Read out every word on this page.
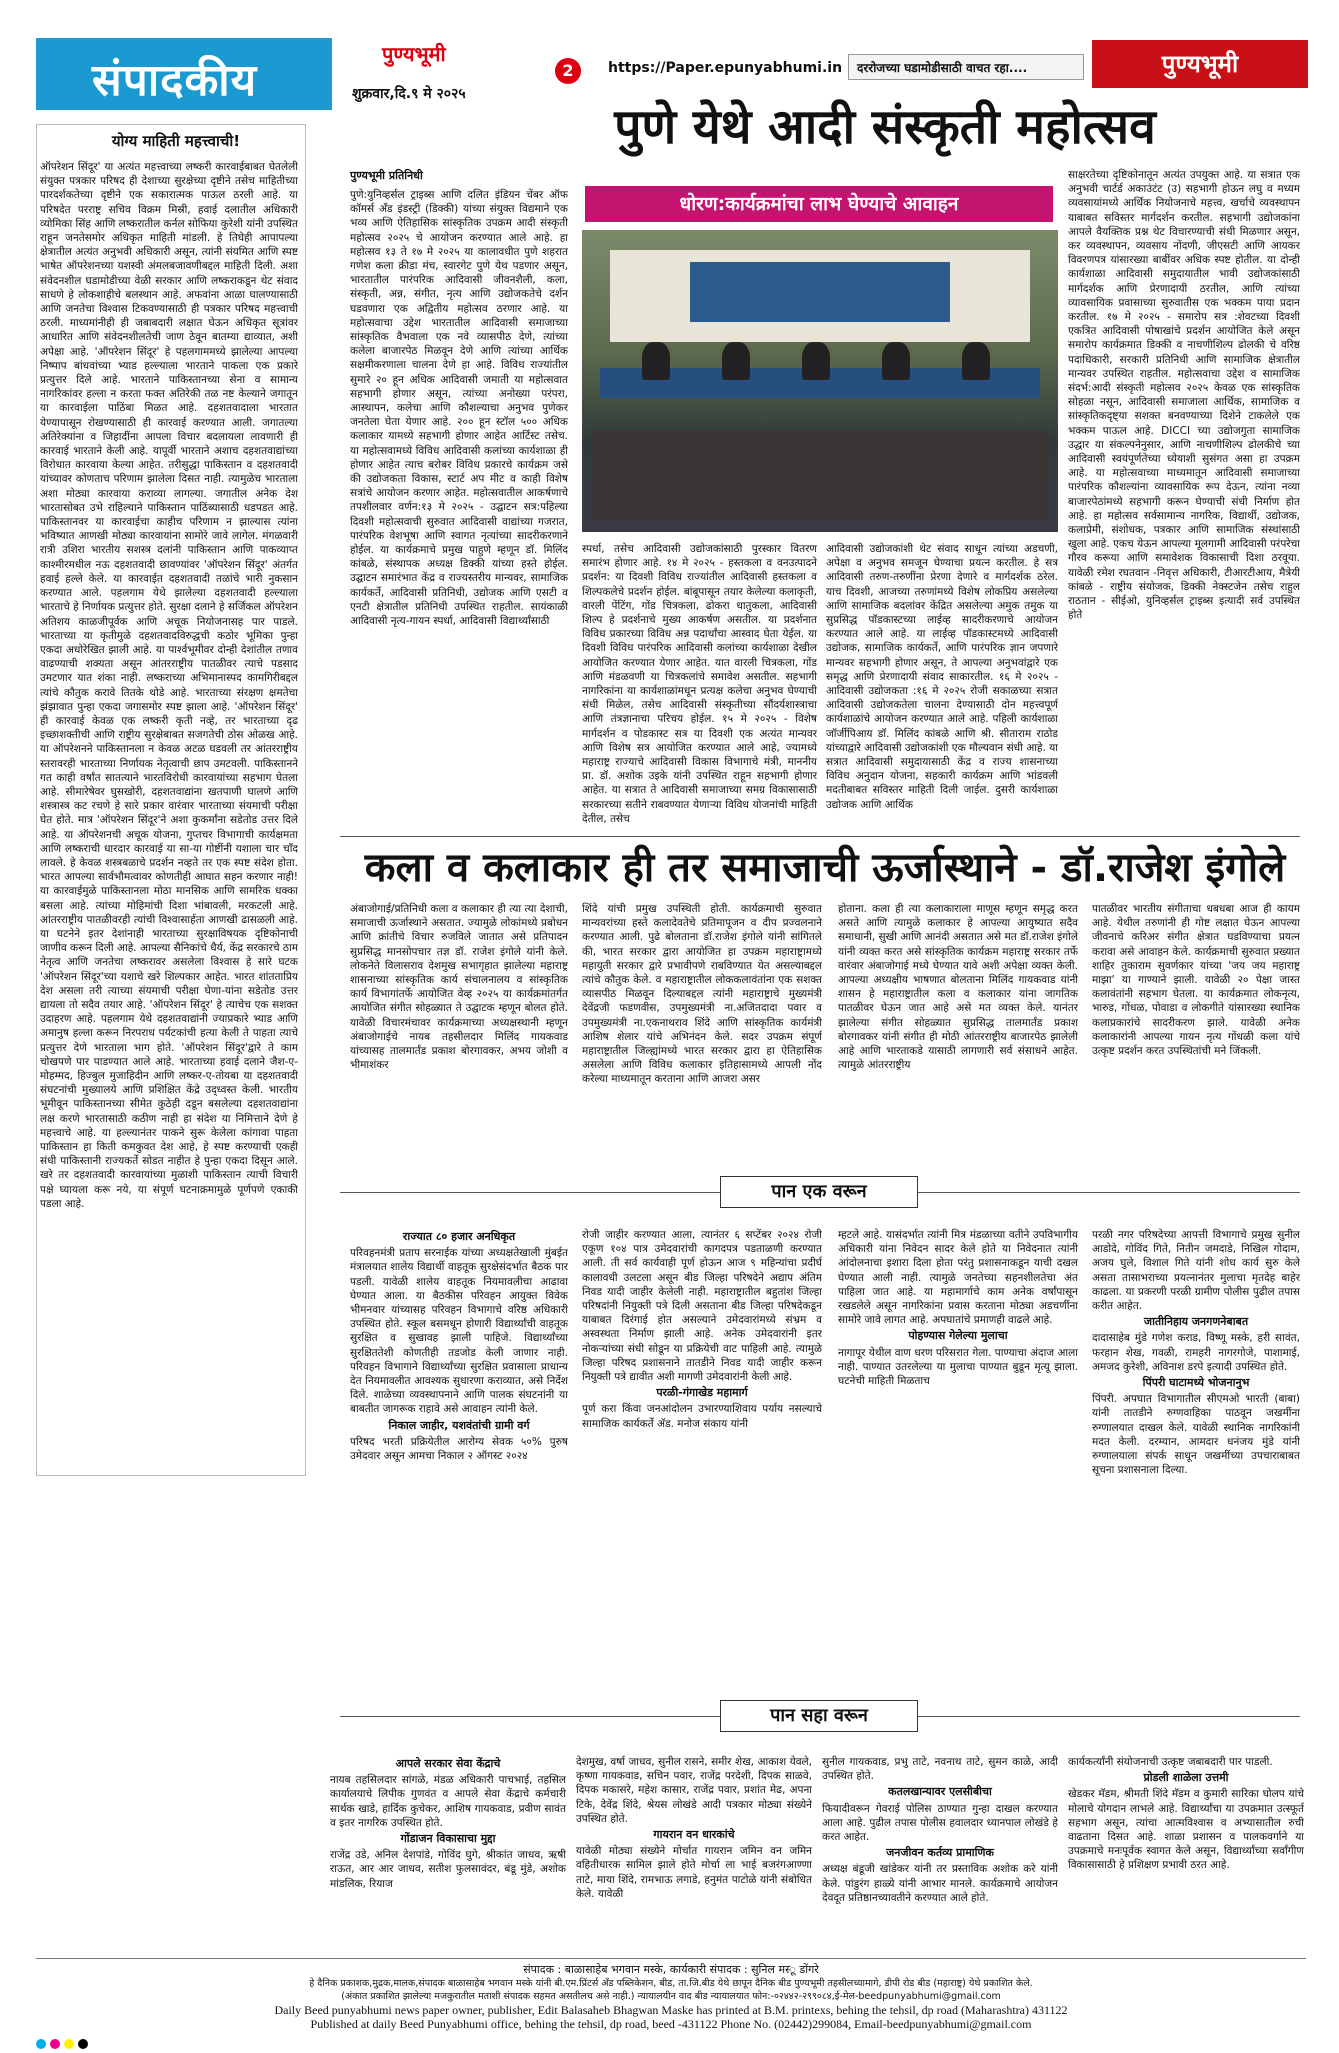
संपादकीय
पुण्यभूमी
शुक्रवार,दि.९ मे २०२५
2	https://Paper.epunyabhumi.in	दररोजच्या घडामोडीसाठी वाचत रहा....	पुण्यभूमी
योग्य माहिती महत्त्वाची!
ऑपरेशन सिंदूर' या अत्यंत महत्त्वाच्या लष्करी कारवाईबाबत घेतलेली संयुक्त पत्रकार परिषद ही देशाच्या सुरक्षेच्या दृष्टीने तसेच माहितीच्या पारदर्शकतेच्या दृष्टीने एक सकारात्मक पाऊल ठरली आहे. या परिषदेत परराष्ट्र सचिव विक्रम मिस्री, हवाई दलातील अधिकारी व्योमिका सिंह आणि लष्करातील कर्नल सोफिया कुरेशी यांनी उपस्थित राहून जनतेसमोर अधिकृत माहिती मांडली. हे तिघेही आपापल्या क्षेत्रातील अत्यंत अनुभवी अधिकारी असून, त्यांनी संयमित आणि स्पष्ट भाषेत ऑपरेशनच्या यशस्वी अंमलबजावणीबद्दल माहिती दिली. अशा संवेदनशील घडामोडीच्या वेळी सरकार आणि लष्कराकडून थेट संवाद साधणे हे लोकशाहीचे बलस्थान आहे. अफवांना आळा घालण्यासाठी आणि जनतेचा विश्वास टिकवण्यासाठी ही पत्रकार परिषद महत्त्वाची ठरली. माध्यमांनीही ही जबाबदारी लक्षात घेऊन अधिकृत सूत्रांवर आधारित आणि संवेदनशीलतेची जाण ठेवून बातम्या द्याव्यात, अशी अपेक्षा आहे. 'ऑपरेशन सिंदूर' हे पहलगाममध्ये झालेल्या आपल्या निष्पाप बांधवांच्या भ्याड हल्ल्याला भारताने पाकला एक प्रकारे प्रत्युत्तर दिले आहे. भारताने पाकिस्तानच्या सेना व सामान्य नागरिकांवर हल्ला न करता फक्त अतिरेकी तळ नष्ट केल्याने जगातून या कारवाईला पाठिंबा मिळत आहे. दहशतवादाला भारतात येण्यापासून रोखण्यासाठी ही कारवाई करण्यात आली. जगातल्या अतिरेक्यांना व जिहादींना आपला विचार बदलायला लावणारी ही कारवाई भारताने केली आहे. यापूर्वी भारताने अशाच दहशतवाद्यांच्या विरोधात कारवाया केल्या आहेत. तरीसुद्धा पाकिस्तान व दहशतवादी यांच्यावर कोणताच परिणाम झालेला दिसत नाही. त्यामुळेच भारताला अशा मोठ्या कारवाया कराव्या लागल्या. जगातील अनेक देश भारतासोबत उभे राहिल्याने पाकिस्तान पाठिंब्यासाठी धडपडत आहे. पाकिस्तानवर या कारवाईचा काहीच परिणाम न झाल्यास त्यांना भविष्यात आणखी मोठ्या कारवायांना सामोरे जावे लागेल. मंगळवारी रात्री उशिरा भारतीय सशस्त्र दलांनी पाकिस्तान आणि पाकव्याप्त काश्मीरमधील नऊ दहशतवादी छावण्यांवर 'ऑपरेशन सिंदूर' अंतर्गत हवाई हल्ले केले. या कारवाईत दहशतवादी तळांचे भारी नुकसान करण्यात आले. पहलगाम येथे झालेल्या दहशतवादी हल्ल्याला भारताचे हे निर्णायक प्रत्युत्तर होते. सुरक्षा दलाने हे सर्जिकल ऑपरेशन अतिशय काळजीपूर्वक आणि अचूक नियोजनासह पार पाडले. भारताच्या या कृतीमुळे दहशतवादविरुद्धची कठोर भूमिका पुन्हा एकदा अधोरेखित झाली आहे. या पार्श्वभूमीवर दोन्ही देशांतील तणाव वाढण्याची शक्यता असून आंतरराष्ट्रीय पातळीवर त्याचे पडसाद उमटणार यात शंका नाही. लष्कराच्या अभिमानास्पद कामगिरीबद्दल त्यांचे कौतुक करावे तितके थोडे आहे. भारताच्या संरक्षण क्षमतेचा झंझावात पुन्हा एकदा जगासमोर स्पष्ट झाला आहे. 'ऑपरेशन सिंदूर' ही कारवाई केवळ एक लष्करी कृती नव्हे, तर भारताच्या दृढ इच्छाशक्तीची आणि राष्ट्रीय सुरक्षेबाबत सजगतेची ठोस ओळख आहे. या ऑपरेशनने पाकिस्तानला न केवळ अटळ घडवली तर आंतरराष्ट्रीय स्तरावरही भारताच्या निर्णायक नेतृत्वाची छाप उमटवली. पाकिस्तानने गत काही वर्षांत सातत्याने भारतविरोधी कारवायांच्या सहभाग घेतला आहे. सीमारेषेवर घुसखोरी, दहशतवाद्यांना खतपाणी घालणे आणि शस्त्रास्त्र कट रचणे हे सारे प्रकार वारंवार भारताच्या संयमाची परीक्षा घेत होते. मात्र 'ऑपरेशन सिंदूर'ने अशा कुकर्मांना सडेतोड उत्तर दिले आहे. या ऑपरेशनची अचूक योजना, गुप्तचर विभागाची कार्यक्षमता आणि लष्कराची धारदार कारवाई या सा-या गोष्टींनी यशाला चार चाँद लावले. हे केवळ शस्त्रबळाचे प्रदर्शन नव्हते तर एक स्पष्ट संदेश होता. भारत आपल्या सार्वभौमत्वावर कोणतीही आघात सहन करणार नाही! या कारवाईमुळे पाकिस्तानला मोठा मानसिक आणि सामरिक धक्का बसला आहे. त्यांच्या मोहिमांची दिशा भांबावली, मरकटली आहे. आंतरराष्ट्रीय पातळीवरही त्यांची विश्वासार्हता आणखी ढासळली आहे. या घटनेने इतर देशांनाही भारताच्या सुरक्षाविषयक दृष्टिकोनाची जाणीव करून दिली आहे. आपल्या सैनिकांचे धैर्य, केंद्र सरकारचे ठाम नेतृत्व आणि जनतेचा लष्करावर असलेला विश्वास हे सारे घटक 'ऑपरेशन सिंदूर'च्या यशाचे खरे शिल्पकार आहेत. भारत शांतताप्रिय देश असला तरी त्याच्या संयमाची परीक्षा घेणा-यांना सडेतोड उत्तर द्यायला तो सदैव तयार आहे. 'ऑपरेशन सिंदूर' हे त्याचेच एक सशक्त उदाहरण आहे. पहलगाम येथे दहशतवाद्यांनी ज्याप्रकारे भ्याड आणि अमानुष हल्ला करून निरपराध पर्यटकांची हत्या केली ते पाहता त्याचे प्रत्युत्तर देणे भारताला भाग होते. 'ऑपरेशन सिंदूर'द्वारे ते काम चोखपणे पार पाडण्यात आले आहे. भारताच्या हवाई दलाने जैश-ए-मोहम्मद, हिज्बुल मुजाहिदीन आणि लष्कर-ए-तोयबा या दहशतवादी संघटनांची मुख्यालये आणि प्रशिक्षित केंद्रे उद्ध्वस्त केली. भारतीय भूमीवून पाकिस्तानच्या सीमेत कुठेही दडून बसलेल्या दहशतवाद्यांना लक्ष करणे भारतासाठी कठीण नाही हा संदेश या निमित्ताने देणे हे महत्त्वाचे आहे. या हल्ल्यानंतर पाकने सुरू केलेला कांगावा पाहता पाकिस्तान हा किती कमकुवत देश आहे, हे स्पष्ट करण्याची एकही संधी पाकिस्तानी राज्यकर्ते सोडत नाहीत हे पुन्हा एकदा दिसून आले. खरे तर दहशतवादी कारवायांच्या मुळाशी पाकिस्तान त्याची विचारी पक्षे घ्यायला करू नये, या संपूर्ण घटनाक्रमामुळे पूर्णपणे एकाकी पडला आहे.
पुणे येथे आदी संस्कृती महोत्सव
धोरण:कार्यक्रमांचा लाभ घेण्याचे आवाहन
पुण्यभूमी प्रतिनिधी
पुणे:युनिव्हर्सल ट्राइब्स आणि दलित इंडियन चेंबर ऑफ कॉमर्स अँड इंडस्ट्री (डिक्की) यांच्या संयुक्त विद्यमाने एक भव्य आणि ऐतिहासिक सांस्कृतिक उपक्रम आदी संस्कृती महोत्सव २०२५ चे आयोजन करण्यात आले आहे. हा महोत्सव १३ ते १७ मे २०२५ या कालावधीत पुणे शहरात गणेश कला क्रीडा मंच, स्वारगेट पुणे येथ पडणार असून, भारतातील पारंपरिक आदिवासी जीवनशैली, कला, संस्कृती, अन्न, संगीत, नृत्य आणि उद्योजकतेचे दर्शन घडवणारा एक अद्वितीय महोत्सव ठरणार आहे. या महोत्सवाचा उद्देश भारतातील आदिवासी समाजाच्या सांस्कृतिक वैभवाला एक नवे व्यासपीठ देणे, त्यांच्या कलेला बाजारपेठ मिळवून देणे आणि त्यांच्या आर्थिक सक्षमीकरणाला चालना देणे हा आहे. विविध राज्यांतील सुमारे २० हून अधिक आदिवासी जमाती या महोत्सवात सहभागी होणार असून, त्यांच्या अनोख्या परंपरा, आस्थापन, कलेचा आणि कौशल्याचा अनुभव पुणेकर जनतेला घेता येणार आहे. २०० हून स्टॉल ५०० अधिक कलाकार यामध्ये सहभागी होणार आहेत आर्टिस्ट तसेच. या महोत्सवामध्ये विविध आदिवासी कलांच्या कार्यशाळा ही होणार आहेत त्याच बरोबर विविध प्रकारचे कार्यक्रम जसे की उद्योजकता विकास, स्टार्ट अप मीट व काही विशेष सत्रांचे आयोजन करणार आहेत. महोत्सवातील आकर्षणाचे तपशीलवार वर्णन:१३ मे २०२५ - उद्घाटन सत्र:पहिल्या दिवशी महोत्सवाची सुरुवात आदिवासी वाद्यांच्या गजरात, पारंपरिक वेशभूषा आणि स्वागत नृत्यांच्या सादरीकरणाने होईल. या कार्यक्रमाचे प्रमुख पाहुणे म्हणून डॉ. मिलिंद कांबळे, संस्थापक अध्यक्ष डिक्की यांच्या हस्ते होईल. उद्घाटन समारंभात केंद्र व राज्यस्तरीय मान्यवर, सामाजिक कार्यकर्ते, आदिवासी प्रतिनिधी, उद्योजक आणि एसटी व एनटी क्षेत्रातील प्रतिनिधी उपस्थित राहतील. सायंकाळी आदिवासी नृत्य-गायन स्पर्धा, आदिवासी विद्यार्थ्यांसाठी
स्पर्धा, तसेच आदिवासी उद्योजकांसाठी पुरस्कार वितरण समारंभ होणार आहे. १४ मे २०२५ - हस्तकला व वनउत्पादने प्रदर्शन: या दिवशी विविध राज्यांतील आदिवासी हस्तकला व शिल्पकलेचे प्रदर्शन होईल. बांबूपासून तयार केलेल्या कलाकृती, वारली पेंटिंग, गोंड चित्रकला, ढोकरा धातुकला, आदिवासी शिल्प हे प्रदर्शनाचे मुख्य आकर्षण असतील. या प्रदर्शनात विविध प्रकारच्या विविध अन्न पदार्थांचा आस्वाद घेता येईल. या दिवशी विविध पारंपरिक आदिवासी कलांच्या कार्यशाळा देखील आयोजित करण्यात येणार आहेत. यात वारली चित्रकला, गोंड आणि मंडळवणी या चित्रकलांचे समावेश असतील. सहभागी नागरिकांना या कार्यशाळांमधून प्रत्यक्ष कलेचा अनुभव घेण्याची संधी मिळेल, तसेच आदिवासी संस्कृतीच्या सौंदर्यशास्त्राचा आणि तंत्रज्ञानाचा परिचय होईल. १५ मे २०२५ - विशेष मार्गदर्शन व पोडकास्ट सत्र या दिवशी एक अत्यंत मान्यवर आणि विशेष सत्र आयोजित करण्यात आले आहे, ज्यामध्ये महाराष्ट्र राज्याचे आदिवासी विकास विभागाचे मंत्री, माननीय प्रा. डॉ. अशोक उइके यांनी उपस्थित राहून सहभागी होणार आहेत. या सत्रात ते आदिवासी समाजाच्या समग्र विकासासाठी सरकारच्या सतीने राबवण्यात येणाऱ्या विविध योजनांची माहिती देतील, तसेच
आदिवासी उद्योजकांशी थेट संवाद साधून त्यांच्या अडचणी, अपेक्षा व अनुभव समजून घेण्याचा प्रयत्न करतील. हे सत्र आदिवासी तरुण-तरुणींना प्रेरणा देणारे व मार्गदर्शक ठरेल. याच दिवशी, आजच्या तरुणांमध्ये विशेष लोकप्रिय असलेल्या आणि सामाजिक बदलांवर केंद्रित असलेल्या अमुक तमुक या सुप्रसिद्ध पॉडकास्टच्या लाईव्ह सादरीकरणाचे आयोजन करण्यात आले आहे. या लाईव्ह पॉडकास्टमध्ये आदिवासी उद्योजक, सामाजिक कार्यकर्ते, आणि पारंपरिक ज्ञान जपणारे मान्यवर सहभागी होणार असून, ते आपल्या अनुभवांद्वारे एक समृद्ध आणि प्रेरणादायी संवाद साकारतील. १६ मे २०२५ - आदिवासी उद्योजकता :१६ मे २०२५ रोजी सकाळच्या सत्रात आदिवासी उद्योजकतेला चालना देण्यासाठी दोन महत्त्वपूर्ण कार्यशाळांचे आयोजन करण्यात आले आहे. पहिली कार्यशाळा जॉर्जीपिआय डॉ. मिलिंद कांबळे आणि श्री. सीताराम राठोड यांच्याद्वारे आदिवासी उद्योजकांशी एक मौल्यवान संधी आहे. या सत्रात आदिवासी समुदायासाठी केंद्र व राज्य शासनाच्या विविध अनुदान योजना, सहकारी कार्यक्रम आणि भांडवली मदतीबाबत सविस्तर माहिती दिली जाईल. दुसरी कार्यशाळा उद्योजक आणि आर्थिक
साक्षरतेच्या दृष्टिकोनातून अत्यंत उपयुक्त आहे. या सत्रात एक अनुभवी चार्टर्ड अकाउंटंट (उ) सहभागी होऊन लघु व मध्यम व्यवसायांमध्ये आर्थिक नियोजनाचे महत्त्व, खर्चाचे व्यवस्थापन याबाबत सविस्तर मार्गदर्शन करतील. सहभागी उद्योजकांना आपले वैयक्तिक प्रश्न थेट विचारण्याची संधी मिळणार असून, कर व्यवस्थापन, व्यवसाय नोंदणी, जीएसटी आणि आयकर विवरणपत्र यांसारख्या बाबींवर अधिक स्पष्ट होतील. या दोन्ही कार्यशाळा आदिवासी समुदायातील भावी उद्योजकांसाठी मार्गदर्शक आणि प्रेरणादायी ठरतील, आणि त्यांच्या व्यावसायिक प्रवासाच्या सुरुवातीस एक भक्कम पाया प्रदान करतील. १७ मे २०२५ - समारोप सत्र :शेवटच्या दिवशी एकत्रित आदिवासी पोषाखांचे प्रदर्शन आयोजित केले असून समारोप कार्यक्रमात डिक्की व नाचणीशिल्प ढोलकी चे वरिष्ठ पदाधिकारी, सरकारी प्रतिनिधी आणि सामाजिक क्षेत्रातील मान्यवर उपस्थित राहतील. महोत्सवाचा उद्देश व सामाजिक संदर्भ:आदी संस्कृती महोत्सव २०२५ केवळ एक सांस्कृतिक सोहळा नसून, आदिवासी समाजाला आर्थिक, सामाजिक व सांस्कृतिकदृष्ट्या सशक्त बनवण्याच्या दिशेने टाकलेले एक भक्कम पाऊल आहे. DICCI च्या उद्योजगुता सामाजिक उद्धार या संकल्पनेनुसार, आणि नाचणीशिल्प ढोलकीचे च्या आदिवासी स्वयंपूर्णतेच्या ध्येयाशी सुसंगत असा हा उपक्रम आहे. या महोत्सवाच्या माध्यमातून आदिवासी समाजाच्या पारंपरिक कौशल्यांना व्यावसायिक रूप देऊन, त्यांना नव्या बाजारपेठांमध्ये सहभागी करून घेण्याची संधी निर्माण होत आहे. हा महोत्सव सर्वसामान्य नागरिक, विद्यार्थी, उद्योजक, कलाप्रेमी, संशोधक, पत्रकार आणि सामाजिक संस्थांसाठी खुला आहे. एकच येऊन आपल्या मूलगामी आदिवासी परंपरेचा गौरव करूया आणि समावेशक विकासाची दिशा ठरवूया. यावेळी रमेश रघतवान -निवृत्त अधिकारी, टीआरटीआय, मैत्रेयी कांबळे - राष्ट्रीय संयोजक, डिक्की नेक्स्टजेन तसेच राहुल राठतान - सीईओ, युनिव्हर्सल ट्राइब्स इत्यादी सर्व उपस्थित होते
कला व कलाकार ही तर समाजाची ऊर्जास्थाने - डॉ.राजेश इंगोले
अंबाजोगाई/प्रतिनिधी कला व कलाकार ही त्या त्या देशाची, समाजाची ऊर्जास्थाने असतात. ज्यामुळे लोकांमध्ये प्रबोधन आणि क्रांतीचे विचार रुजविले जातात असे प्रतिपादन सुप्रसिद्ध मानसोपचार तज्ञ डॉ. राजेश इंगोले यांनी केले. लोकनेते विलासराव देशमुख सभागृहात झालेल्या महाराष्ट्र शासनाच्या सांस्कृतिक कार्य संचालनालय व सांस्कृतिक कार्य विभागांतर्फे आयोजित वेव्ह २०२५ या कार्यक्रमांतर्गत आयोजित संगीत सोहळ्यात ते उद्घाटक म्हणून बोलत होते. यावेळी विचारमंचावर कार्यक्रमाच्या अध्यक्षस्थानी म्हणून अंबाजोगाईचे नायब तहसीलदार मिलिंद गायकवाड यांच्यासह तालमार्तंड प्रकाश बोरगावकर, अभय जोशी व भीमाशंकर
शिंदे यांची प्रमुख उपस्थिती होती. कार्यक्रमाची सुरुवात मान्यवरांच्या हस्ते कलादेवतेचे प्रतिमापूजन व दीप प्रज्वलनाने करण्यात आली. पुढे बोलताना डॉ.राजेश इंगोले यांनी सांगितले की, भारत सरकार द्वारा आयोजित हा उपक्रम महाराष्ट्रामध्ये महायुती सरकार द्वारे प्रभावीपणे राबविण्यात येत असल्याबद्दल त्यांचे कौतुक केले. व महाराष्ट्रातील लोककलावंतांना एक सशक्त व्यासपीठ मिळवून दिल्याबद्दल त्यांनी महाराष्ट्राचे मुख्यमंत्री देवेंद्रजी फडणवीस, उपमुख्यमंत्री ना.अजितदादा पवार व उपमुख्यमंत्री ना.एकनाथराव शिंदे आणि सांस्कृतिक कार्यमंत्री आशिष शेलार यांचे अभिनंदन केले. सदर उपक्रम संपूर्ण महाराष्ट्रातील जिल्ह्यांमध्ये भारत सरकार द्वारा हा ऐतिहासिक असलेला आणि विविध कलाकार इतिहासामध्ये आपली नोंद करेल्या माध्यमातून करताना आणि आजरा असर
होताना. कला ही त्या कलाकाराला माणूस म्हणून समृद्ध करत असते आणि त्यामुळे कलाकार हे आपल्या आयुष्यात सदैव समाधानी, सुखी आणि आनंदी असतात असे मत डॉ.राजेश इंगोले यांनी व्यक्त करत असे सांस्कृतिक कार्यक्रम महाराष्ट्र सरकार तर्फे वारंवार अंबाजोगाई मध्ये घेण्यात यावे अशी अपेक्षा व्यक्त केली. आपल्या अध्यक्षीय भाषणात बोलताना मिलिंद गायकवाड यांनी शासन हे महाराष्ट्रातील कला व कलाकार यांना जागतिक पातळीवर घेऊन जात आहे असे मत व्यक्त केले. यानंतर झालेल्या संगीत सोहळ्यात सुप्रसिद्ध तालमार्तंड प्रकाश बोरगावकर यांनी संगीत ही मोठी आंतरराष्ट्रीय बाजारपेठ झालेली आहे आणि भारताकडे यासाठी लागणारी सर्व संसाधने आहेत. त्यामुळे आंतरराष्ट्रीय
पातळीवर भारतीय संगीताचा धबधबा आज ही कायम आहे. येथील तरुणांनी ही गोष्ट लक्षात घेऊन आपल्या जीवनाचे करिअर संगीत क्षेत्रात घडविण्याचा प्रयत्न करावा असे आवाहन केले. कार्यक्रमाची सुरुवात प्रख्यात शाहिर तुकाराम सुवर्णकार यांच्या 'जय जय महाराष्ट्र माझा' या गाण्याने झाली. यावेळी २० पेक्षा जास्त कलावंतांनी सहभाग घेतला. या कार्यक्रमात लोकनृत्य, भारुड, गोंधळ, पोवाडा व लोकगीते यांसारख्या स्थानिक कलाप्रकारांचे सादरीकरण झाले. यावेळी अनेक कलाकारांनी आपल्या गायन नृत्य गोंधळी कला यांचे उत्कृष्ट प्रदर्शन करत उपस्थितांची मने जिंकली.
पान एक वरून
राज्यात ८० हजार अनधिकृत
परिवहनमंत्री प्रताप सरनाईक यांच्या अध्यक्षतेखाली मुंबईत मंत्रालयात शालेय विद्यार्थी वाहतूक सुरक्षेसंदर्भात बैठक पार पडली. यावेळी शालेय वाहतूक नियमावलीचा आढावा घेण्यात आला. या बैठकीस परिवहन आयुक्त विवेक भीमनवार यांच्यासह परिवहन विभागाचे वरिष्ठ अधिकारी उपस्थित होते. स्कूल बसमधून होणारी विद्यार्थ्यांची वाहतूक सुरक्षित व सुखावह झाली पाहिजे. विद्यार्थ्यांच्या सुरक्षिततेशी कोणतीही तडजोड केली जाणार नाही. परिवहन विभागाने विद्यार्थ्यांच्या सुरक्षित प्रवासाला प्राधान्य देत नियमावलीत आवश्यक सुधारणा कराव्यात, असे निर्देश दिले. शाळेच्या व्यवस्थापनाने आणि पालक संघटनांनी या बाबतीत जागरूक राहावे असे आवाहन त्यांनी केले.
निकाल जाहीर, यशवंतांची ग्रामी वर्ग
परिषद भरती प्रक्रियेतील आरोग्य सेवक ५०% पुरुष उमेदवार असून आमचा निकाल २ ऑगस्ट २०२४
रोजी जाहीर करण्यात आला, त्यानंतर ६ सप्टेंबर २०२४ रोजी एकूण १०४ पात्र उमेदवारांची कागदपत्र पडताळणी करण्यात आली. ती सर्व कार्यवाही पूर्ण होऊन आज ९ महिन्यांचा प्रदीर्घ कालावधी उलटला असून बीड जिल्हा परिषदेने अद्याप अंतिम निवड यादी जाहीर केलेली नाही. महाराष्ट्रातील बहुतांश जिल्हा परिषदांनी नियुक्ती पत्रे दिली असताना बीड जिल्हा परिषदेकडून याबाबत दिरंगाई होत असल्याने उमेदवारांमध्ये संभ्रम व अस्वस्थता निर्माण झाली आहे. अनेक उमेदवारांनी इतर नोकऱ्यांच्या संधी सोडून या प्रक्रियेची वाट पाहिली आहे. त्यामुळे जिल्हा परिषद प्रशासनाने तातडीने निवड यादी जाहीर करून नियुक्ती पत्रे द्यावीत अशी मागणी उमेदवारांनी केली आहे.
परळी-गंगाखेड महामार्ग
पूर्ण करा किंवा जनआंदोलन उभारण्याशिवाय पर्याय नसल्याचे सामाजिक कार्यकर्ते ॲड. मनोज संकाय यांनी
म्हटले आहे. यासंदर्भात त्यांनी मित्र मंडळाच्या वतीने उपविभागीय अधिकारी यांना निवेदन सादर केले होते या निवेदनात त्यांनी आंदोलनाचा इशारा दिला होता परंतु प्रशासनाकडून याची दखल घेण्यात आली नाही. त्यामुळे जनतेच्या सहनशीलतेचा अंत पाहिला जात आहे. या महामार्गाचे काम अनेक वर्षांपासून रखडलेले असून नागरिकांना प्रवास करताना मोठ्या अडचणींना सामोरे जावे लागत आहे. अपघातांचे प्रमाणही वाढले आहे.
पोहण्यास गेलेल्या मुलाचा
नागापूर येथील वाण धरण परिसरात गेला. पाण्याचा अंदाज आला नाही. पाण्यात उतरलेल्या या मुलाचा पाण्यात बुडून मृत्यू झाला. घटनेची माहिती मिळताच
परळी नगर परिषदेच्या आपत्ती विभागाचे प्रमुख सुनील आडोदे, गोविंद गिते, नितीन जमदाडे, निखिल गोदाम, अजय घुले, विशाल गिते यांनी शोध कार्य सुरु केले असता तासाभराच्या प्रयत्नानंतर मुलाचा मृतदेह बाहेर काढला. या प्रकरणी परळी ग्रामीण पोलीस पुढील तपास करीत आहेत.
जातीनिहाय जनगणनेबाबत
दादासाहेब मुंडे गणेश कराड, विष्णू मस्के, हरी सावंत, फरहान शेख, गवळी, रामहरी नागरगोजे, पाशामाई, अमजद कुरेशी, अविनाश डरपे इत्यादी उपस्थित होते.
पिंपरी घाटामध्ये भोजनानुभ
पिंपरी. अपघात विभागातील सीएमओ भारती (बाबा) यांनी तातडीने रुग्णवाहिका पाठवून जखमींना रुग्णालयात दाखल केले. यावेळी स्थानिक नागरिकांनी मदत केली. दरम्यान, आमदार धनंजय मुंडे यांनी रुग्णालयाला संपर्क साधून जखमींच्या उपचाराबाबत सूचना प्रशासनाला दिल्या.
पान सहा वरून
आपले सरकार सेवा केंद्राचे
नायब तहसिलदार सांगळे, मंडळ अधिकारी पाचभाई, तहसिल कार्यालयाचे लिपीक गुणवंत व आपले सेवा केंद्राचे कर्मचारी सार्थक खाडे, हार्दिक कुचेकर, आशिष गायकवाड, प्रवीण सावंत व इतर नागरिक उपस्थित होते.
गोंडाजन विकासाचा मुद्दा
राजेंद्र उडे, अनिल देशपांडे, गोविंद घुगे, श्रीकांत जाधव, ऋषी राऊत, आर आर जाधव, सतीश फुलसावंदर, बंडू मुंडे, अशोक मांडलिक, रियाज
देशमुख, वर्षा जाधव, सुनील रासने, समीर शेख, आकाश येवले, कृष्णा गायकवाड, सचिन पवार, राजेंद्र परदेशी, दिपक साळवे, दिपक मकासरे, महेश कासार, राजेंद्र पवार, प्रशांत मेढ, अपना टिके, देवेंद्र शिंदे, श्रेयस लोखंडे आदी पत्रकार मोठ्या संख्येने उपस्थित होते.
गायरान वन धारकांचे
यावेळी मोठ्या संख्येने मोर्चात गायरान जमिन वन जमिन वहितीधारक सामिल झाले होते मोर्चा ला भाई बजरंगआण्णा ताटे, माया शिंदे, रामभाऊ लगाडे, हनुमंत पाटोळे यांनी संबोधित केले. यावेळी
सुनील गायकवाड, प्रभु ताटे, नवनाथ ताटे, सुमन काळे, आदी उपस्थित होते.
कतलखान्यावर एलसीबीचा
फियादीवरून गेवराई पोलिस ठाण्यात गुन्हा दाखल करण्यात आला आहे. पुढील तपास पोलीस हवालदार ध्यानपाल लोखंडे हे करत आहेत.
जनजीवन कर्तव्य प्रामाणिक
अध्यक्ष बंडूजी खांडेकर यांनी तर प्रस्ताविक अशोक करे यांनी केले. पांडुरंग हाळ्ये यांनी आभार मानले. कार्यक्रमाचे आयोजन देवदूत प्रतिष्ठानच्यावतीने करण्यात आले होते.
कार्यकर्त्यांनी संयोजनाची उत्कृष्ट जबाबदारी पार पाडली.
प्रोडली शाळेला उत्तमी
खेडकर मॅडम, श्रीमती शिंदे मॅडम व कुमारी सारिका घोलप यांचे मोलाचे योगदान लाभले आहे. विद्यार्थ्यांचा या उपक्रमात उत्स्फूर्त सहभाग असून, त्यांचा आत्मविश्वास व अभ्यासातील रुची वाढताना दिसत आहे. शाळा प्रशासन व पालकवर्गाने या उपक्रमाचे मनःपूर्वक स्वागत केले असून, विद्यार्थ्यांच्या सर्वांगीण विकासासाठी हे प्रशिक्षण प्रभावी ठरत आहे.
संपादक : बाळासाहेब भगवान मस्के, कार्यकारी संपादक : सुनिल मस्‍ू डोंगरे
हे दैनिक प्रकाशक,मुद्रक,मालक,संपादक बाळासाहेब भगवान मस्के यांनी बी.एम.प्रिंटर्स अँड पब्लिकेशन, बीड, ता.जि.बीड येथे छापून दैनिक बीड पुण्यभूमी तहसीलच्यामागे, डीपी रोड बीड (महाराष्ट्र) येथे प्रकाशित केले.
(अंकात प्रकाशित झालेल्या मजकुरातील मताशी संपादक सहमत असतीलच असे नाही.) न्यायालयीन वाद बीड न्यायालयात फोन:-०२४४२-२९९०८४,ई-मेल-beedpunyabhumi@gmail.com
Daily Beed punyabhumi news paper owner, publisher, Edit Balasaheb Bhagwan Maske has printed at B.M. printexs, behing the tehsil, dp road (Maharashtra) 431122
Published at daily Beed Punyabhumi office, behing the tehsil, dp road, beed -431122 Phone No. (02442)299084, Email-beedpunyabhumi@gmail.com
